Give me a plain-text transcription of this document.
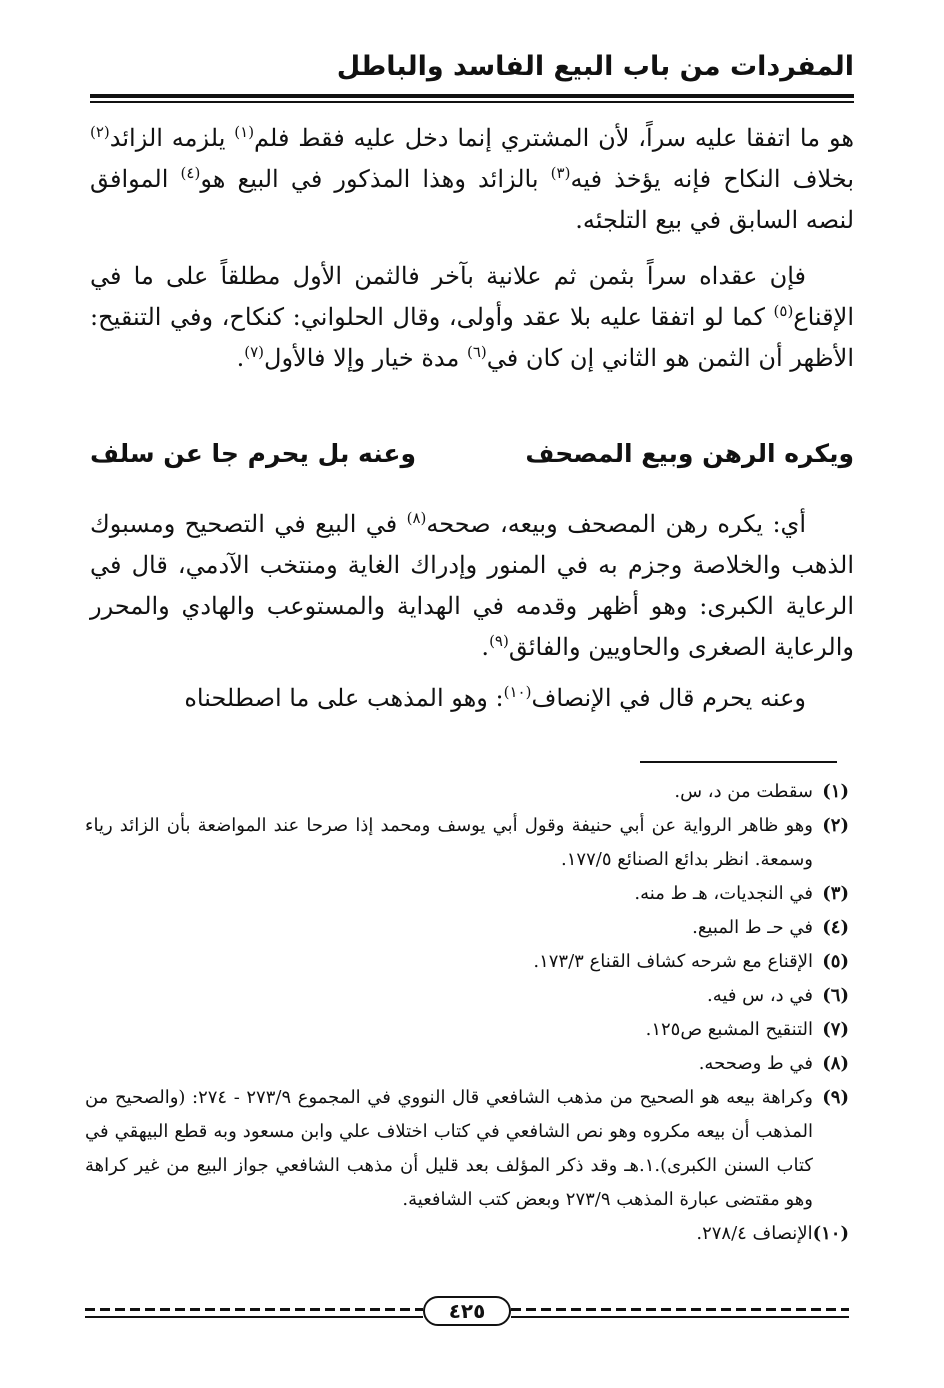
المفردات من باب البيع الفاسد والباطل

هو ما اتفقا عليه سراً، لأن المشتري إنما دخل عليه فقط فلم$^{(١)}$ يلزمه الزائد$^{(٢)}$ بخلاف النكاح فإنه يؤخذ فيه$^{(٣)}$ بالزائد وهذا المذكور في البيع هو$^{(٤)}$ الموافق لنصه السابق في بيع التلجئه.

فإن عقداه سراً بثمن ثم علانية بآخر فالثمن الأول مطلقاً على ما في الإقناع$^{(٥)}$ كما لو اتفقا عليه بلا عقد وأولى، وقال الحلواني: كنكاح، وفي التنقيح: الأظهر أن الثمن هو الثاني إن كان في$^{(٦)}$ مدة خيار وإلا فالأول$^{(٧)}$.

ويكره الرهن وبيع المصحف
وعنه بل يحرم جا عن سلف

أي: يكره رهن المصحف وبيعه، صححه$^{(٨)}$ في البيع في التصحيح ومسبوك الذهب والخلاصة وجزم به في المنور وإدراك الغاية ومنتخب الآدمي، قال في الرعاية الكبرى: وهو أظهر وقدمه في الهداية والمستوعب والهادي والمحرر والرعاية الصغرى والحاويين والفائق$^{(٩)}$.

وعنه يحرم قال في الإنصاف$^{(١٠)}$: وهو المذهب على ما اصطلحناه

(١)
سقطت من د، س.
(٢)
وهو ظاهر الرواية عن أبي حنيفة وقول أبي يوسف ومحمد إذا صرحا عند المواضعة بأن الزائد رياء وسمعة. انظر بدائع الصنائع ١٧٧/٥.
(٣)
في النجديات، هـ ط منه.
(٤)
في حـ ط المبيع.
(٥)
الإقناع مع شرحه كشاف القناع ١٧٣/٣.
(٦)
في د، س فيه.
(٧)
التنقيح المشبع ص١٢٥.
(٨)
في ط وصححه.
(٩)
وكراهة بيعه هو الصحيح من مذهب الشافعي قال النووي في المجموع ٢٧٣/٩ - ٢٧٤: (والصحيح من المذهب أن بيعه مكروه وهو نص الشافعي في كتاب اختلاف علي وابن مسعود وبه قطع البيهقي في كتاب السنن الكبرى).١.هـ وقد ذكر المؤلف بعد قليل أن مذهب الشافعي جواز البيع من غير كراهة وهو مقتضى عبارة المذهب ٢٧٣/٩ وبعض كتب الشافعية.
(١٠)
الإنصاف ٢٧٨/٤.
٤٢٥
